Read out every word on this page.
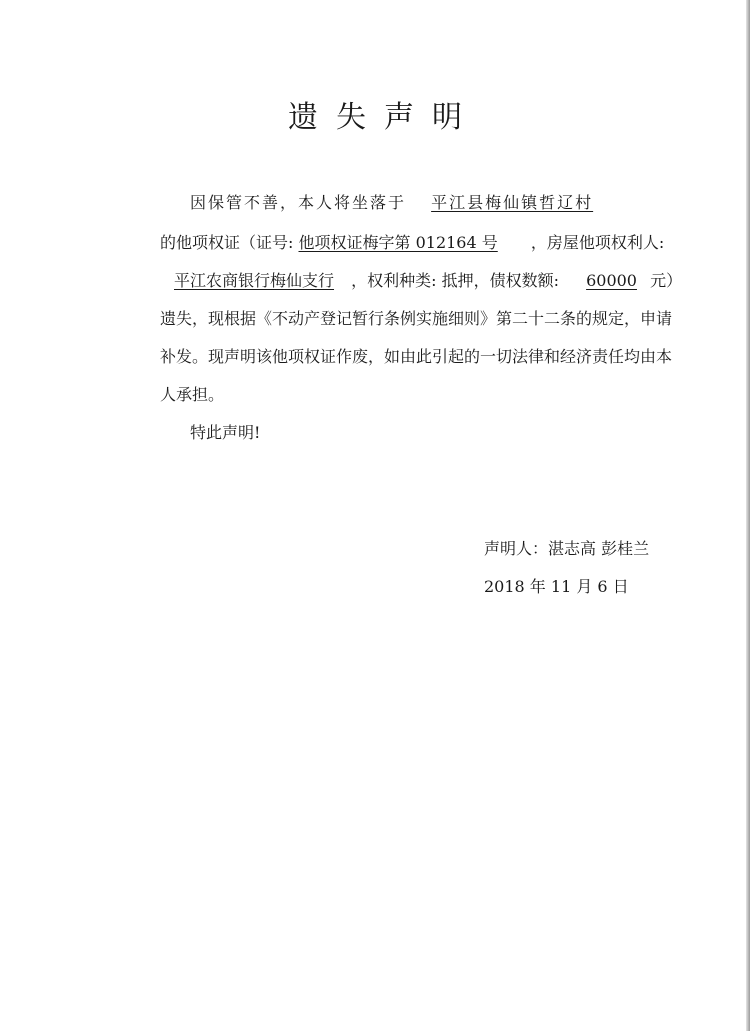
遗失声明
因保管不善，本人将坐落于 平江县梅仙镇哲辽村
的他项权证（证号: 他项权证梅字第 012164 号 ，房屋他项权利人:
平江农商银行梅仙支行 ，权利种类: 抵押，债权数额: 60000 元）
遗失，现根据《不动产登记暂行条例实施细则》第二十二条的规定，申请
补发。现声明该他项权证作废，如由此引起的一切法律和经济责任均由本
人承担。
特此声明!
声明人：湛志高 彭桂兰
2018 年 11 月 6 日
